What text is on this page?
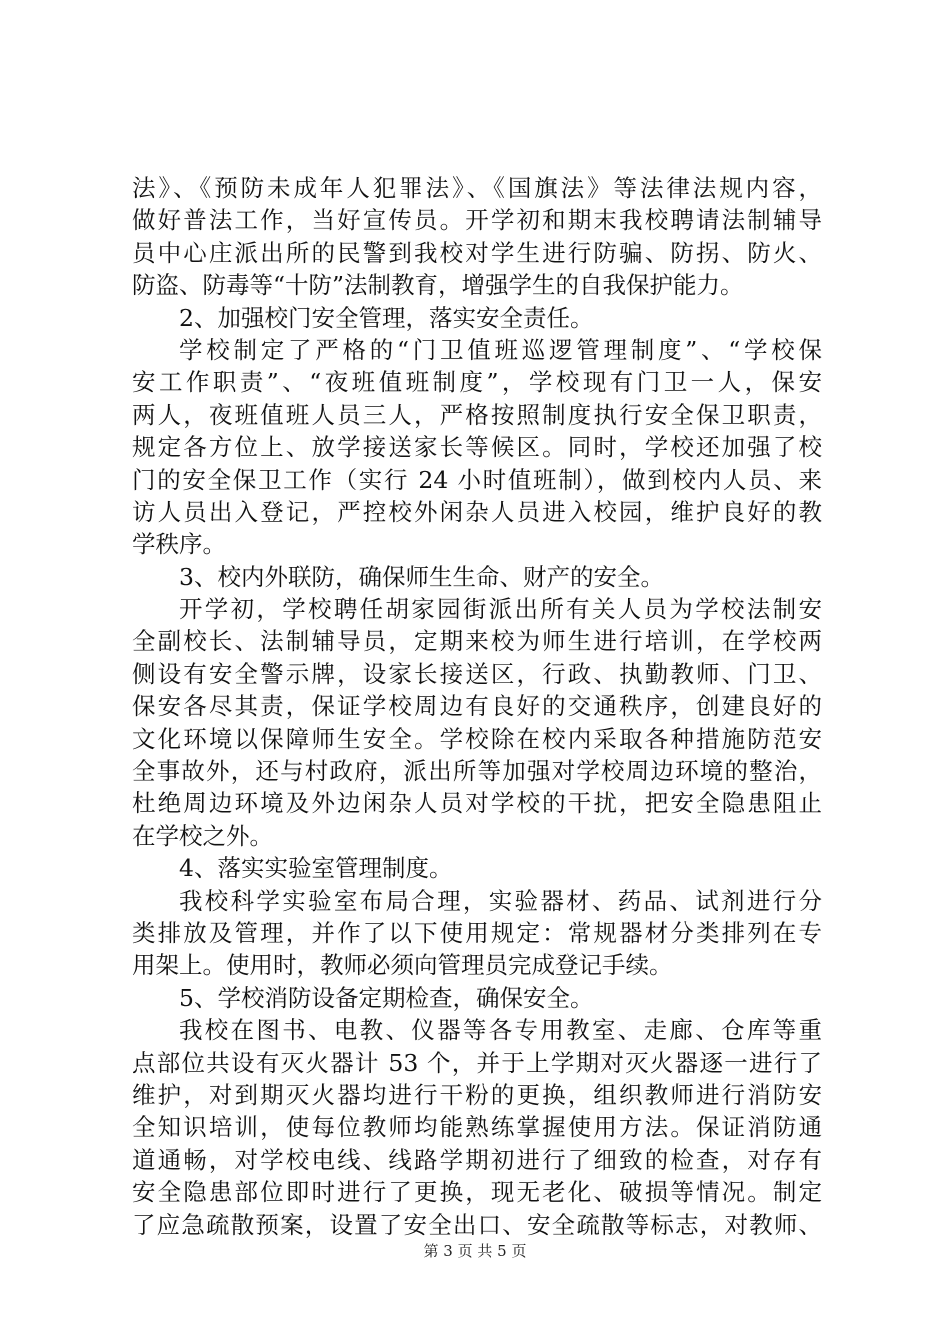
法》、《预防未成年人犯罪法》、《国旗法》等法律法规内容，
做好普法工作，当好宣传员。开学初和期末我校聘请法制辅导
员中心庄派出所的民警到我校对学生进行防骗、防拐、防火、
防盗、防毒等“十防”法制教育，增强学生的自我保护能力。
2、加强校门安全管理，落实安全责任。
学校制定了严格的“门卫值班巡逻管理制度”、“学校保
安工作职责”、“夜班值班制度”，学校现有门卫一人，保安
两人，夜班值班人员三人，严格按照制度执行安全保卫职责，
规定各方位上、放学接送家长等候区。同时，学校还加强了校
门的安全保卫工作（实行 24 小时值班制），做到校内人员、来
访人员出入登记，严控校外闲杂人员进入校园，维护良好的教
学秩序。
3、校内外联防，确保师生生命、财产的安全。
开学初，学校聘任胡家园街派出所有关人员为学校法制安
全副校长、法制辅导员，定期来校为师生进行培训，在学校两
侧设有安全警示牌，设家长接送区，行政、执勤教师、门卫、
保安各尽其责，保证学校周边有良好的交通秩序，创建良好的
文化环境以保障师生安全。学校除在校内采取各种措施防范安
全事故外，还与村政府，派出所等加强对学校周边环境的整治，
杜绝周边环境及外边闲杂人员对学校的干扰，把安全隐患阻止
在学校之外。
4、落实实验室管理制度。
我校科学实验室布局合理，实验器材、药品、试剂进行分
类排放及管理，并作了以下使用规定：常规器材分类排列在专
用架上。使用时，教师必须向管理员完成登记手续。
5、学校消防设备定期检查，确保安全。
我校在图书、电教、仪器等各专用教室、走廊、仓库等重
点部位共设有灭火器计 53 个，并于上学期对灭火器逐一进行了
维护，对到期灭火器均进行干粉的更换，组织教师进行消防安
全知识培训，使每位教师均能熟练掌握使用方法。保证消防通
道通畅，对学校电线、线路学期初进行了细致的检查，对存有
安全隐患部位即时进行了更换，现无老化、破损等情况。制定
了应急疏散预案，设置了安全出口、安全疏散等标志，对教师、
第 3 页 共 5 页
